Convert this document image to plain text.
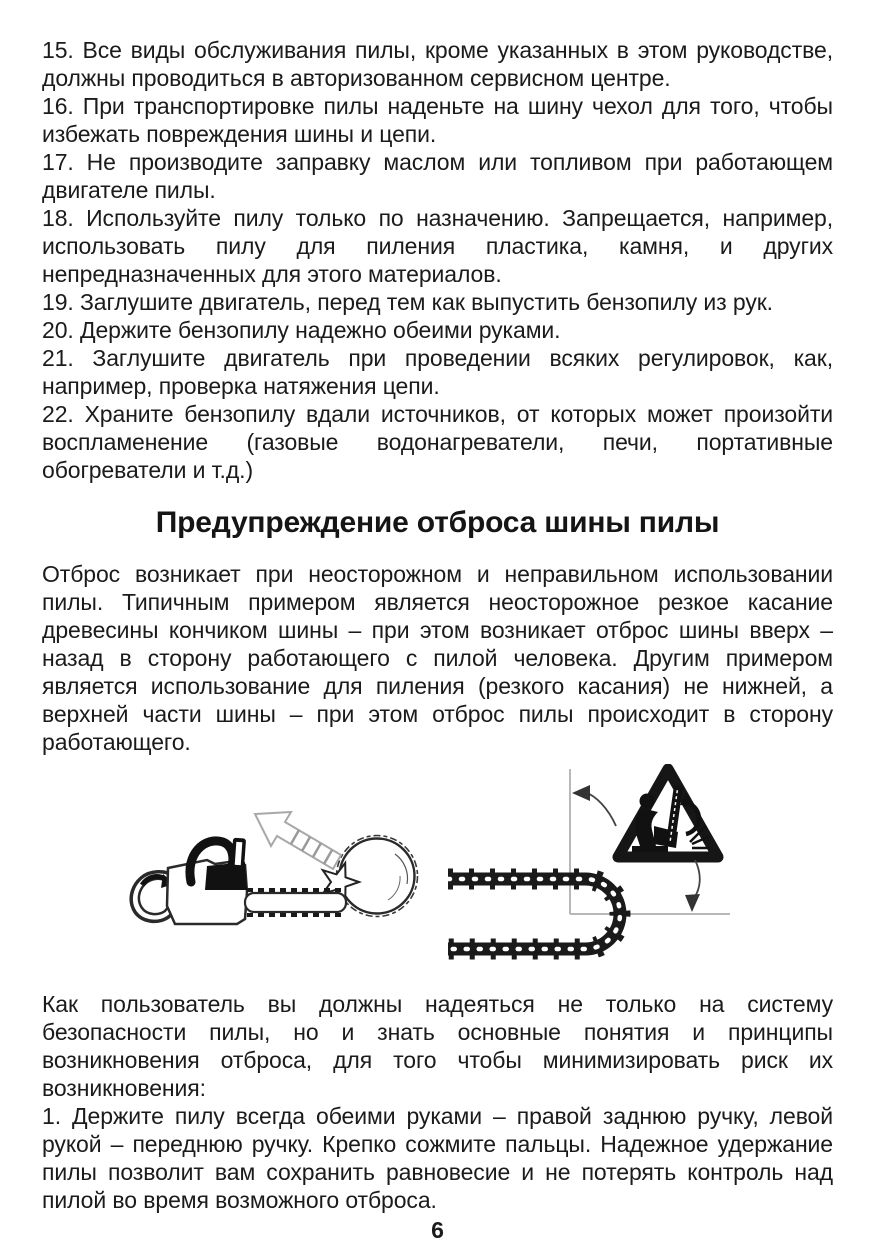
15. Все виды обслуживания пилы, кроме указанных в этом руководстве, должны проводиться в авторизованном сервисном центре.

16. При транспортировке пилы наденьте на шину чехол для того, чтобы избежать повреждения шины и цепи.

17. Не производите заправку маслом или топливом при работающем двигателе пилы.

18. Используйте пилу только по назначению. Запрещается, например, использовать пилу для пиления пластика, камня, и других непредназначенных для этого материалов.

19. Заглушите двигатель, перед тем как выпустить бензопилу из рук.

20. Держите бензопилу надежно обеими руками.

21. Заглушите двигатель при проведении всяких регулировок, как, например, проверка натяжения цепи.

22. Храните бензопилу вдали источников, от которых может произойти воспламенение (газовые водонагреватели, печи, портативные обогреватели и т.д.)

Предупреждение отброса шины пилы

Отброс возникает при неосторожном и неправильном использовании пилы. Типичным примером является неосторожное резкое касание древесины кончиком шины – при этом возникает отброс шины вверх – назад в сторону работающего с пилой человека. Другим примером является использование для пиления (резкого касания) не нижней, а верхней части шины – при этом отброс пилы происходит в сторону работающего.

Как пользователь вы должны надеяться не только на систему безопасности пилы, но и знать основные понятия и принципы возникновения отброса, для того чтобы минимизировать риск их возникновения:

1. Держите пилу всегда обеими руками – правой заднюю ручку, левой рукой – переднюю ручку. Крепко сожмите пальцы. Надежное удержание пилы позволит вам сохранить равновесие и не потерять контроль над пилой во время возможного отброса.

6
